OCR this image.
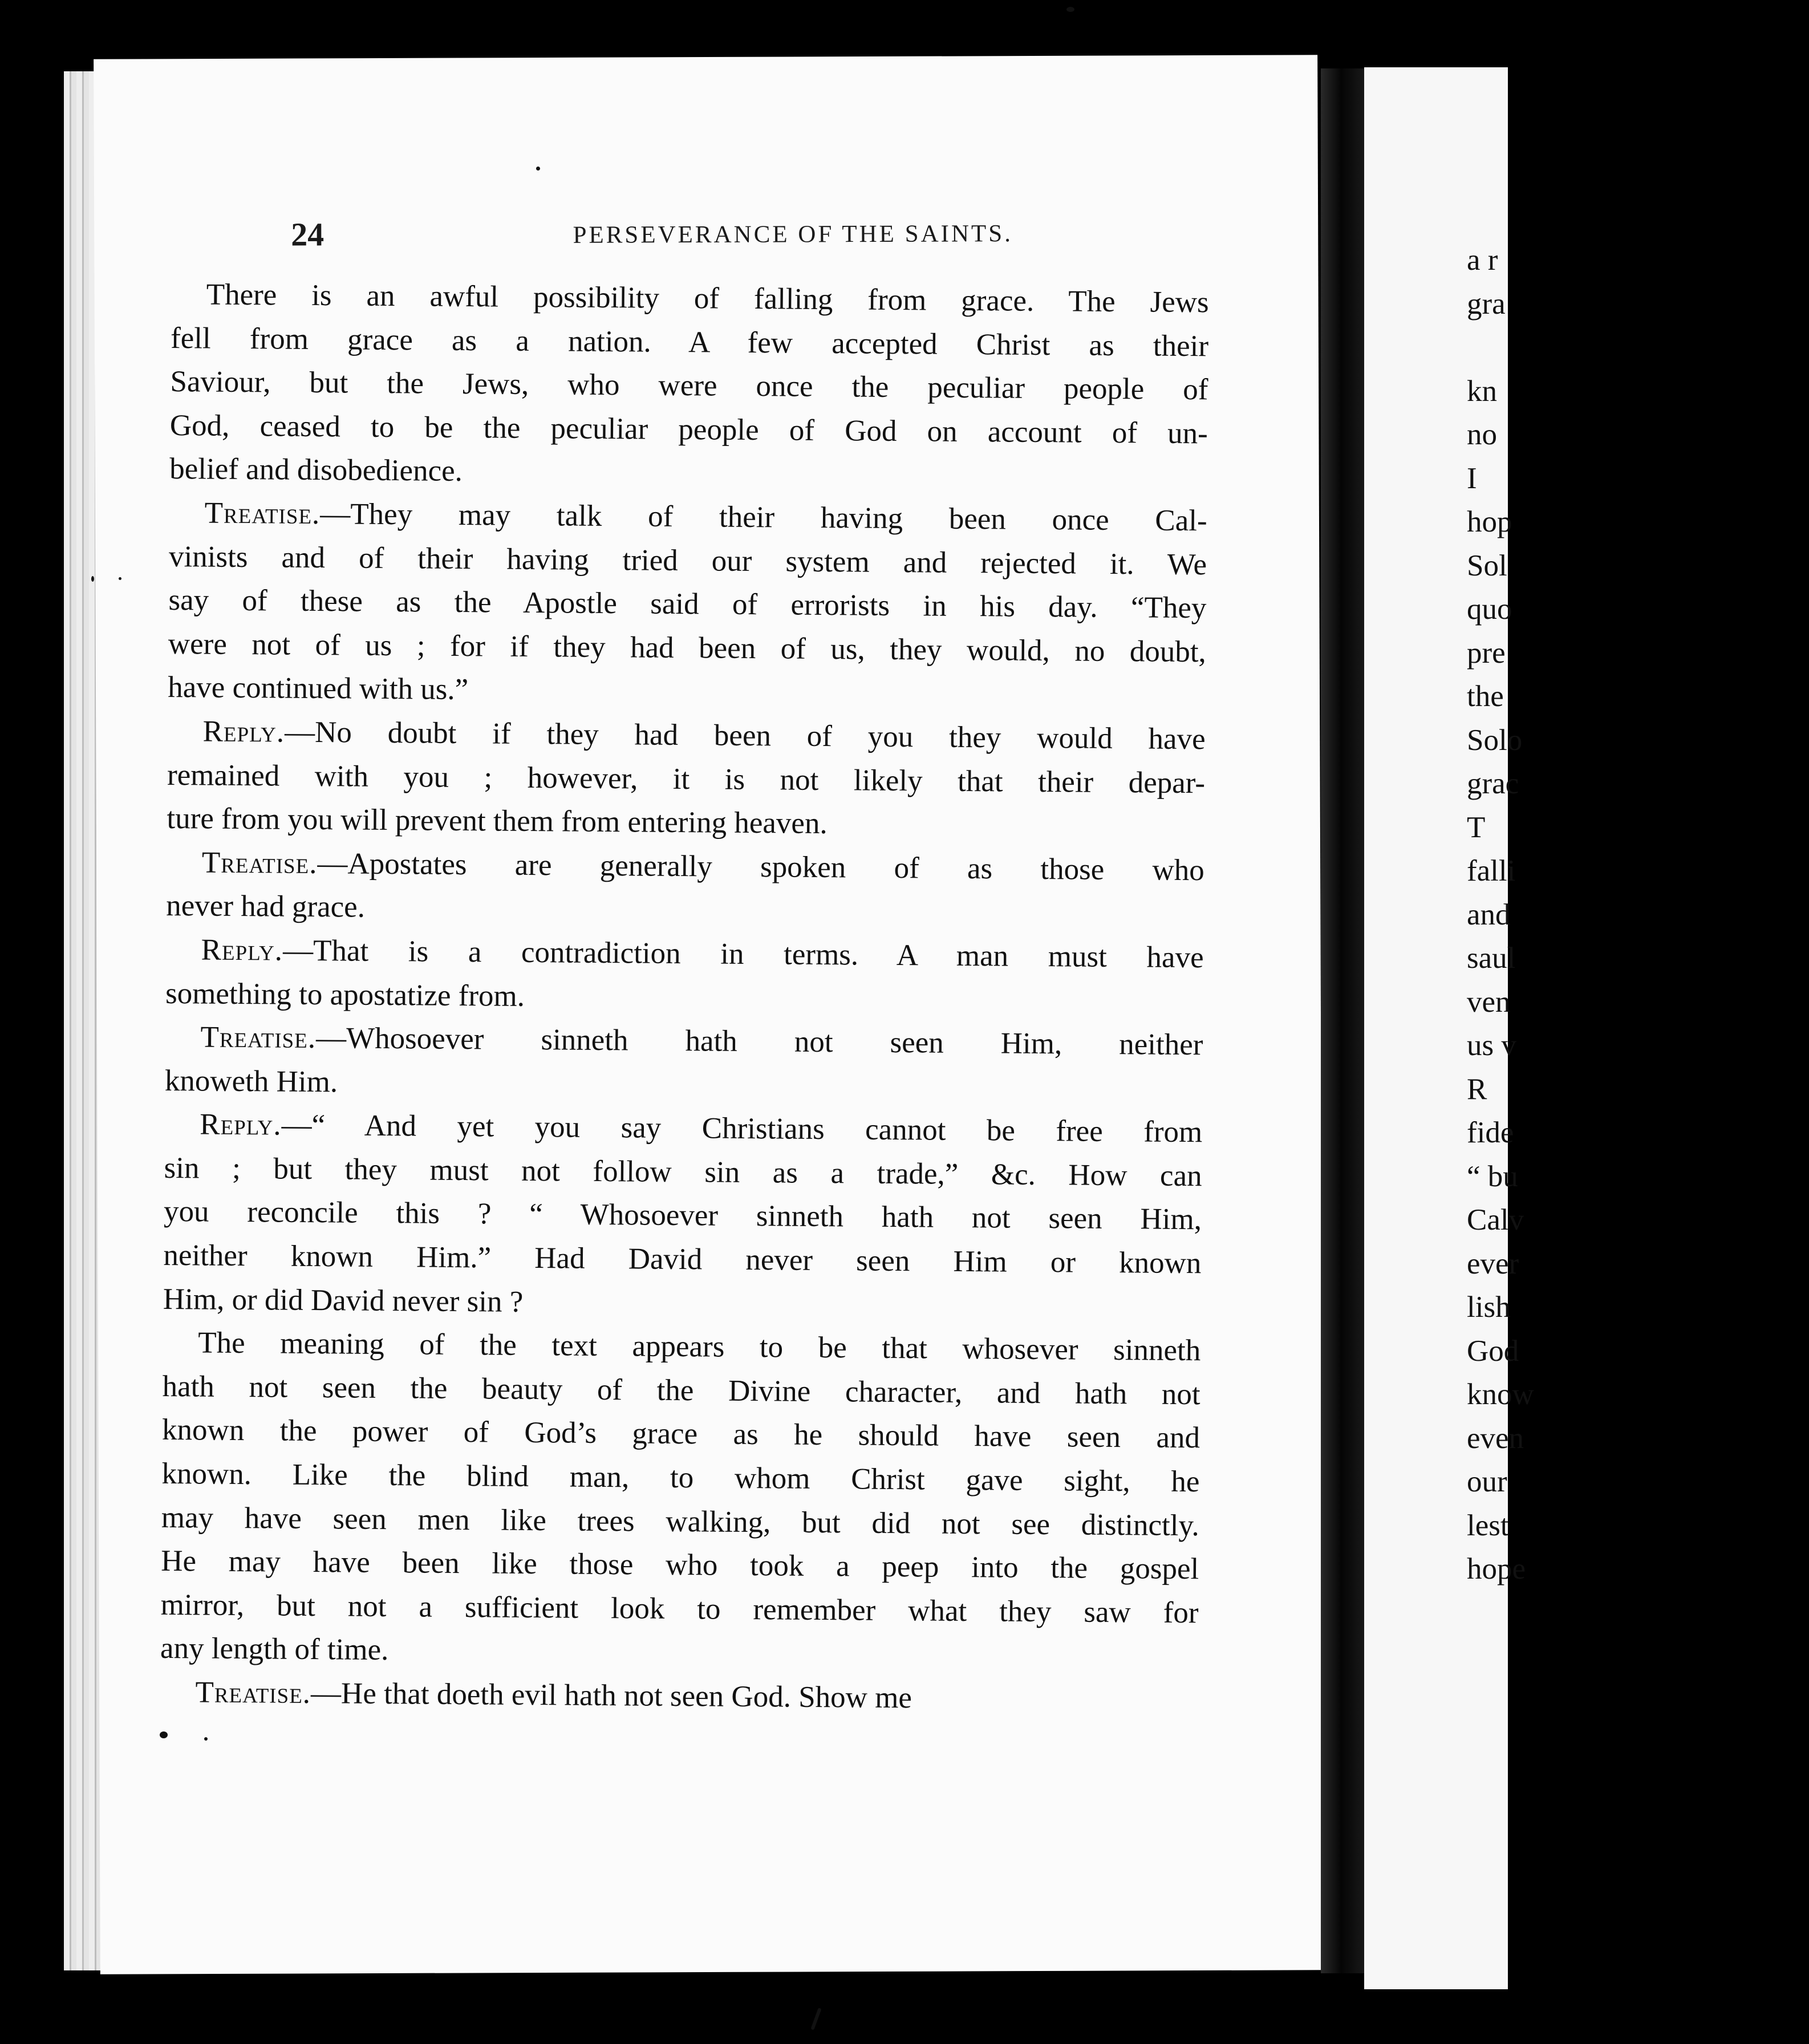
24	PERSEVERANCE OF THE SAINTS.
There is an awful possibility of falling from grace. The Jews
fell from grace as a nation. A few accepted Christ as their
Saviour, but the Jews, who were once the peculiar people of
God, ceased to be the peculiar people of God on account of un-
belief and disobedience.
Treatise.—They may talk of their having been once Cal-
vinists and of their having tried our system and rejected it. We
say of these as the Apostle said of errorists in his day. “They
were not of us ; for if they had been of us, they would, no doubt,
have continued with us.”
Reply.—No doubt if they had been of you they would have
remained with you ; however, it is not likely that their depar-
ture from you will prevent them from entering heaven.
Treatise.—Apostates are generally spoken of as those who
never had grace.
Reply.—That is a contradiction in terms. A man must have
something to apostatize from.
Treatise.—Whosoever sinneth hath not seen Him, neither
knoweth Him.
Reply.—“ And yet you say Christians cannot be free from
sin ; but they must not follow sin as a trade,” &c. How can
you reconcile this ? “ Whosoever sinneth hath not seen Him,
neither known Him.” Had David never seen Him or known
Him, or did David never sin ?
The meaning of the text appears to be that whosever sinneth
hath not seen the beauty of the Divine character, and hath not
known the power of God’s grace as he should have seen and
known. Like the blind man, to whom Christ gave sight, he
may have seen men like trees walking, but did not see distinctly.
He may have been like those who took a peep into the gospel
mirror, but not a sufficient look to remember what they saw for
any length of time.
Treatise.—He that doeth evil hath not seen God. Show me
a r
gra
kn
no
I
hop
Sol
quo
pre
the
Solo
grac
T
falli
and
saul
ven
us v
R
fide
“ bu
Calv
ever
lish
God
know
even
our
lest
hope
